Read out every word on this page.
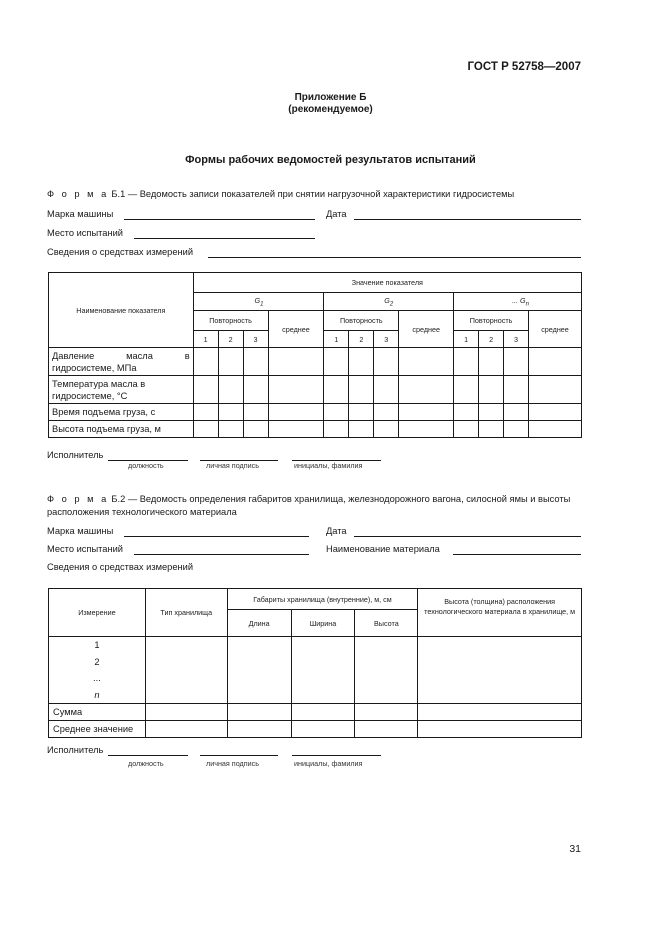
ГОСТ Р 52758—2007
Приложение Б
(рекомендуемое)
Формы рабочих ведомостей результатов испытаний
Ф о р м а Б.1 — Ведомость записи показателей при снятии нагрузочной характеристики гидросистемы
Марка машины	Дата
Место испытаний
Сведения о средствах измерений
Наименование показателя	Значение показателя											
	$G_1$				$G_2$				... $G_n$
	Повторность			среднее	Повторность			среднее	Повторность			среднее
	1	2	3		1	2	3		1	2	3	
Давление масла в гидросистеме, МПа												
Температура масла в гидросистеме, °С												
Время подъема груза, с												
Высота подъема груза, м												
Исполнитель
должность	личная подпись	инициалы, фамилия
Ф о р м а Б.2 — Ведомость определения габаритов хранилища, железнодорожного вагона, силосной ямы и высоты расположения технологического материала
Марка машины	Дата
Место испытаний	Наименование материала
Сведения о средствах измерений
Измерение	Тип хранилища	Габариты хранилища (внутренние), м, см			Высота (толщина) расположения технологического материала в хранилище, м
		Длина	Ширина	Высота	

1
2
...
n					

Сумма					
Среднее значение					
Исполнитель
должность	личная подпись	инициалы, фамилия
31
